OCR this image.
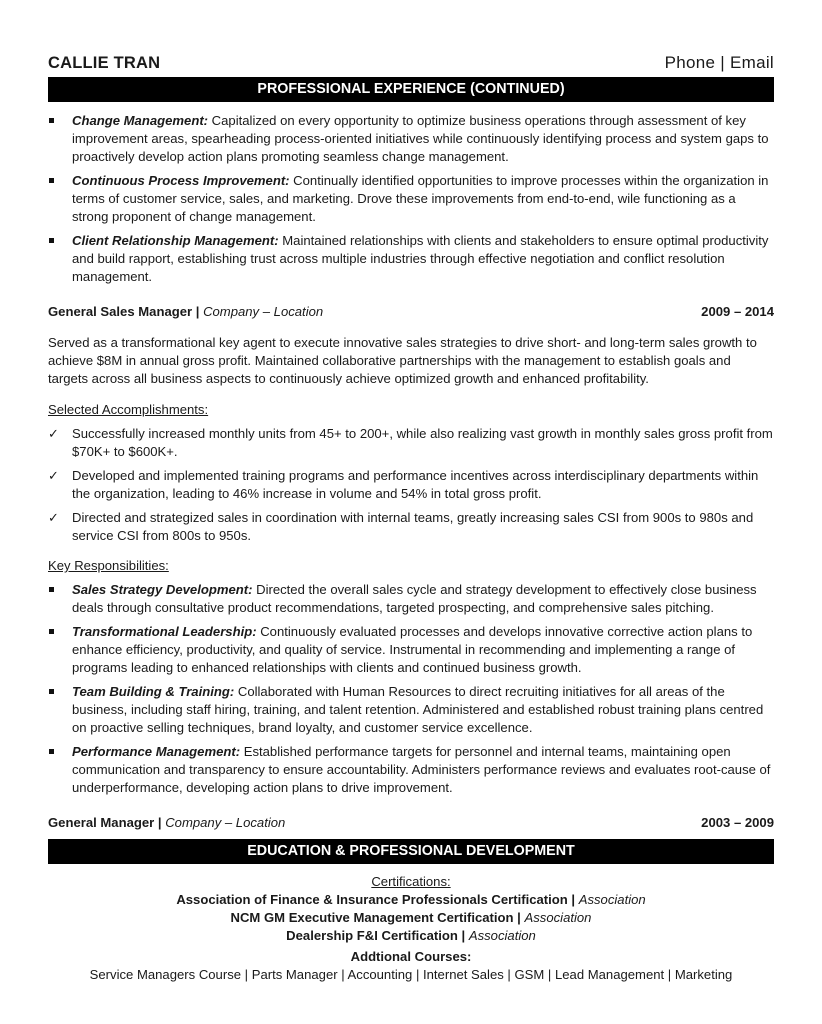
CALLIE TRAN	Phone | Email
PROFESSIONAL EXPERIENCE (CONTINUED)
Change Management: Capitalized on every opportunity to optimize business operations through assessment of key improvement areas, spearheading process-oriented initiatives while continuously identifying process and system gaps to proactively develop action plans promoting seamless change management.
Continuous Process Improvement: Continually identified opportunities to improve processes within the organization in terms of customer service, sales, and marketing. Drove these improvements from end-to-end, wile functioning as a strong proponent of change management.
Client Relationship Management: Maintained relationships with clients and stakeholders to ensure optimal productivity and build rapport, establishing trust across multiple industries through effective negotiation and conflict resolution management.
General Sales Manager | Company – Location	2009 – 2014

Served as a transformational key agent to execute innovative sales strategies to drive short- and long-term sales growth to achieve $8M in annual gross profit. Maintained collaborative partnerships with the management to establish goals and targets across all business aspects to continuously achieve optimized growth and enhanced profitability.

Selected Accomplishments:
✓ Successfully increased monthly units from 45+ to 200+, while also realizing vast growth in monthly sales gross profit from $70K+ to $600K+.
✓ Developed and implemented training programs and performance incentives across interdisciplinary departments within the organization, leading to 46% increase in volume and 54% in total gross profit.
✓ Directed and strategized sales in coordination with internal teams, greatly increasing sales CSI from 900s to 980s and service CSI from 800s to 950s.
Key Responsibilities:
Sales Strategy Development: Directed the overall sales cycle and strategy development to effectively close business deals through consultative product recommendations, targeted prospecting, and comprehensive sales pitching.
Transformational Leadership: Continuously evaluated processes and develops innovative corrective action plans to enhance efficiency, productivity, and quality of service. Instrumental in recommending and implementing a range of programs leading to enhanced relationships with clients and continued business growth.
Team Building & Training: Collaborated with Human Resources to direct recruiting initiatives for all areas of the business, including staff hiring, training, and talent retention. Administered and established robust training plans centred on proactive selling techniques, brand loyalty, and customer service excellence.
Performance Management: Established performance targets for personnel and internal teams, maintaining open communication and transparency to ensure accountability. Administers performance reviews and evaluates root-cause of underperformance, developing action plans to drive improvement.
General Manager | Company – Location	2003 – 2009
EDUCATION & PROFESSIONAL DEVELOPMENT
Certifications:
Association of Finance & Insurance Professionals Certification | Association
NCM GM Executive Management Certification | Association
Dealership F&I Certification | Association
Addtional Courses:
Service Managers Course | Parts Manager | Accounting | Internet Sales | GSM | Lead Management | Marketing
